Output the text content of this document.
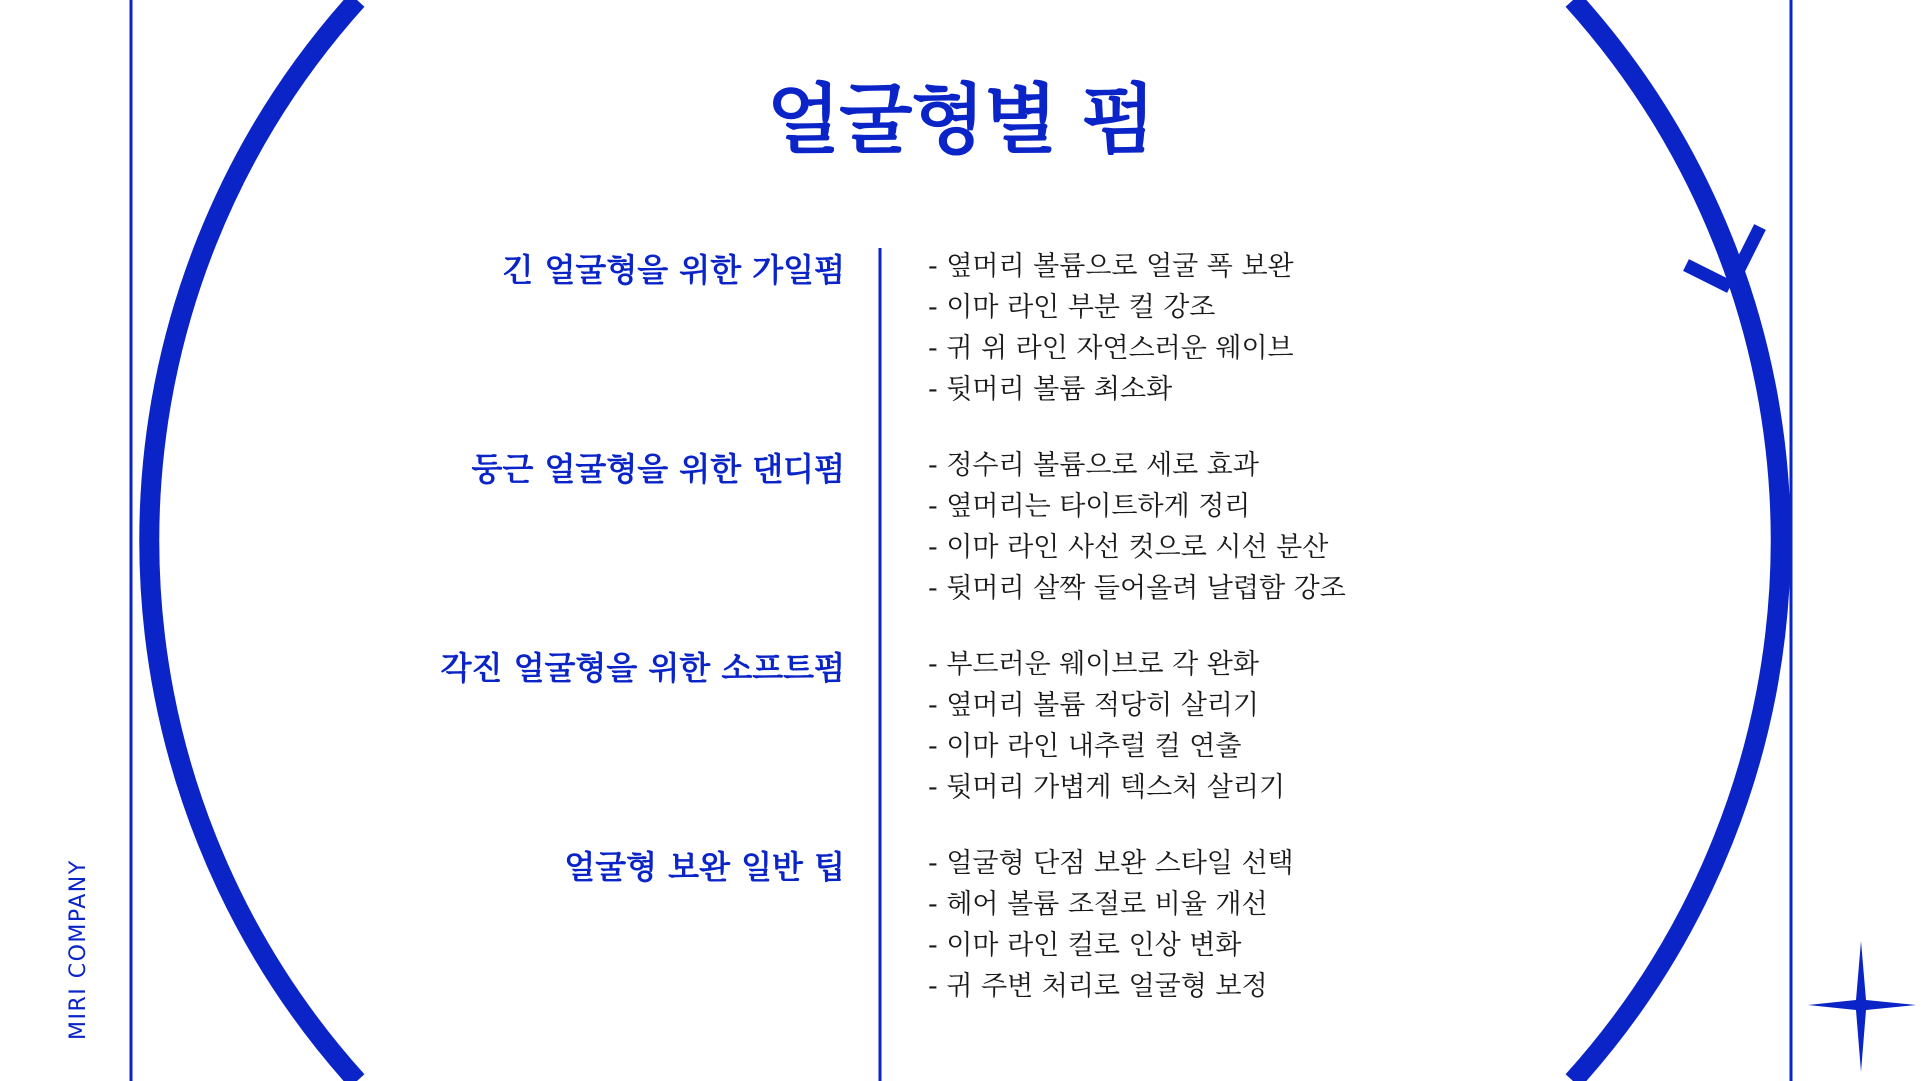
얼굴형별 펌
긴 얼굴형을 위한 가일펌	- 옆머리 볼륨으로 얼굴 폭 보완
- 이마 라인 부분 컬 강조
- 귀 위 라인 자연스러운 웨이브
- 뒷머리 볼륨 최소화
둥근 얼굴형을 위한 댄디펌	- 정수리 볼륨으로 세로 효과
- 옆머리는 타이트하게 정리
- 이마 라인 사선 컷으로 시선 분산
- 뒷머리 살짝 들어올려 날렵함 강조
각진 얼굴형을 위한 소프트펌	- 부드러운 웨이브로 각 완화
- 옆머리 볼륨 적당히 살리기
- 이마 라인 내추럴 컬 연출
- 뒷머리 가볍게 텍스처 살리기
얼굴형 보완 일반 팁	- 얼굴형 단점 보완 스타일 선택
- 헤어 볼륨 조절로 비율 개선
- 이마 라인 컬로 인상 변화
- 귀 주변 처리로 얼굴형 보정
MIRI COMPANY
